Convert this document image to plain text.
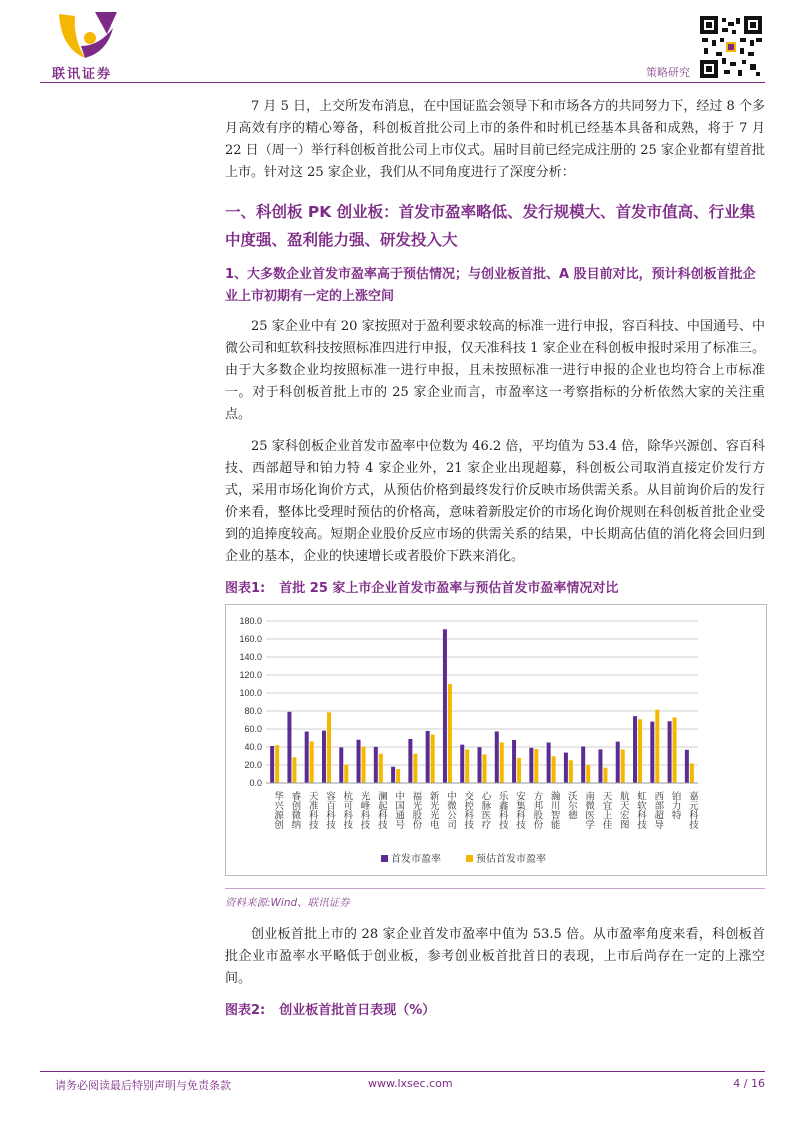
联讯证券	策略研究

7 月 5 日，上交所发布消息，在中国证监会领导下和市场各方的共同努力下，经过 8 个多月高效有序的精心筹备，科创板首批公司上市的条件和时机已经基本具备和成熟，将于 7 月 22 日（周一）举行科创板首批公司上市仪式。届时目前已经完成注册的 25 家企业都有望首批上市。针对这 25 家企业，我们从不同角度进行了深度分析：

一、科创板 PK 创业板：首发市盈率略低、发行规模大、首发市值高、行业集中度强、盈利能力强、研发投入大
1、大多数企业首发市盈率高于预估情况；与创业板首批、A 股目前对比，预计科创板首批企业上市初期有一定的上涨空间

25 家企业中有 20 家按照对于盈利要求较高的标准一进行申报，容百科技、中国通号、中微公司和虹软科技按照标准四进行申报，仅天准科技 1 家企业在科创板申报时采用了标准三。由于大多数企业均按照标准一进行申报，且未按照标准一进行申报的企业也均符合上市标准一。对于科创板首批上市的 25 家企业而言，市盈率这一考察指标的分析依然大家的关注重点。

25 家科创板企业首发市盈率中位数为 46.2 倍，平均值为 53.4 倍，除华兴源创、容百科技、西部超导和铂力特 4 家企业外，21 家企业出现超募，科创板公司取消直接定价发行方式，采用市场化询价方式，从预估价格到最终发行价反映市场供需关系。从目前询价后的发行价来看，整体比受理时预估的价格高，意味着新股定价的市场化询价规则在科创板首批企业受到的追捧度较高。短期企业股价反应市场的供需关系的结果，中长期高估值的消化将会回归到企业的基本，企业的快速增长或者股价下跌来消化。

图表1: 首批 25 家上市企业首发市盈率与预估首发市盈率情况对比
0.0
20.0
40.0
60.0
80.0
100.0
120.0
140.0
160.0
180.0
华兴源创 睿创微纳 天准科技 容百科技 杭可科技 光峰科技 澜起科技 中国通号 福光股份 新光光电 中微公司 交控科技 心脉医疗 乐鑫科技 安集科技 方邦股份 瀚川智能 沃尔德 南微医学 天宜上佳 航天宏图 虹软科技 西部超导 铂力特 嘉元科技
首发市盈率	预估首发市盈率
资料来源:Wind、联讯证券

创业板首批上市的 28 家企业首发市盈率中值为 53.5 倍。从市盈率角度来看，科创板首批企业市盈率水平略低于创业板，参考创业板首批首日的表现，上市后尚存在一定的上涨空间。

图表2: 创业板首批首日表现（%）
请务必阅读最后特别声明与免责条款	www.lxsec.com	4 / 16
